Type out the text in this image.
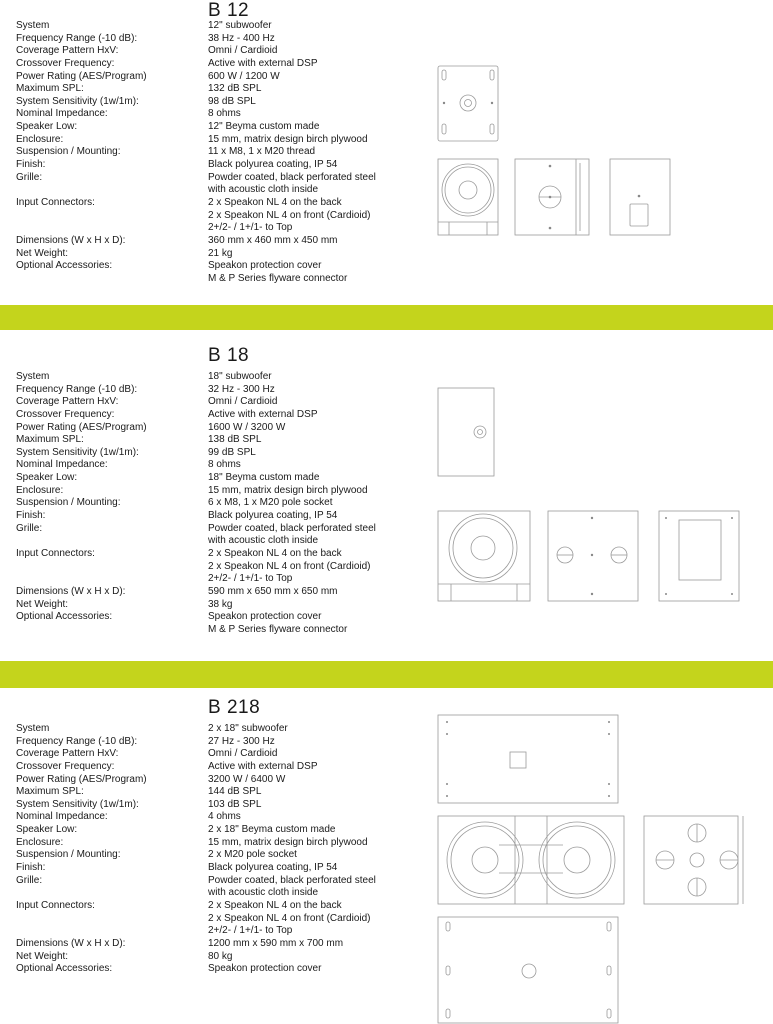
B 12
System	12" subwoofer
Frequency Range (-10 dB):	38 Hz - 400 Hz
Coverage Pattern HxV:	Omni / Cardioid
Crossover Frequency:	Active with external DSP
Power Rating (AES/Program)	600 W / 1200 W
Maximum SPL:	132 dB SPL
System Sensitivity (1w/1m):	98 dB SPL
Nominal Impedance:	8 ohms
Speaker Low:	12" Beyma custom made
Enclosure:	15 mm, matrix design birch plywood
Suspension / Mounting:	11 x M8, 1 x M20 thread
Finish:	Black polyurea coating, IP 54
Grille:	Powder coated, black perforated steel
with acoustic cloth inside
Input Connectors:	2 x Speakon NL 4 on the back
2 x Speakon NL 4 on front (Cardioid)
2+/2- / 1+/1- to Top
Dimensions (W x H x D):	360 mm x 460 mm x 450 mm
Net Weight:	21 kg
Optional Accessories:	Speakon protection cover
M & P Series flyware connector
B 18
System	18" subwoofer
Frequency Range (-10 dB):	32 Hz - 300 Hz
Coverage Pattern HxV:	Omni / Cardioid
Crossover Frequency:	Active with external DSP
Power Rating (AES/Program)	1600 W / 3200 W
Maximum SPL:	138 dB SPL
System Sensitivity (1w/1m):	99 dB SPL
Nominal Impedance:	8 ohms
Speaker Low:	18" Beyma custom made
Enclosure:	15 mm, matrix design birch plywood
Suspension / Mounting:	6 x M8, 1 x M20 pole socket
Finish:	Black polyurea coating, IP 54
Grille:	Powder coated, black perforated steel
with acoustic cloth inside
Input Connectors:	2 x Speakon NL 4 on the back
2 x Speakon NL 4 on front (Cardioid)
2+/2- / 1+/1- to Top
Dimensions (W x H x D):	590 mm x 650 mm x 650 mm
Net Weight:	38 kg
Optional Accessories:	Speakon protection cover
M & P Series flyware connector
B 218
System	2 x 18" subwoofer
Frequency Range (-10 dB):	27 Hz - 300 Hz
Coverage Pattern HxV:	Omni / Cardioid
Crossover Frequency:	Active with external DSP
Power Rating (AES/Program)	3200 W / 6400 W
Maximum SPL:	144 dB SPL
System Sensitivity (1w/1m):	103 dB SPL
Nominal Impedance:	4 ohms
Speaker Low:	2 x 18" Beyma custom made
Enclosure:	15 mm, matrix design birch plywood
Suspension / Mounting:	2 x M20 pole socket
Finish:	Black polyurea coating, IP 54
Grille:	Powder coated, black perforated steel
with acoustic cloth inside
Input Connectors:	2 x Speakon NL 4 on the back
2 x Speakon NL 4 on front (Cardioid)
2+/2- / 1+/1- to Top
Dimensions (W x H x D):	1200 mm x 590 mm x 700 mm
Net Weight:	80 kg
Optional Accessories:	Speakon protection cover
